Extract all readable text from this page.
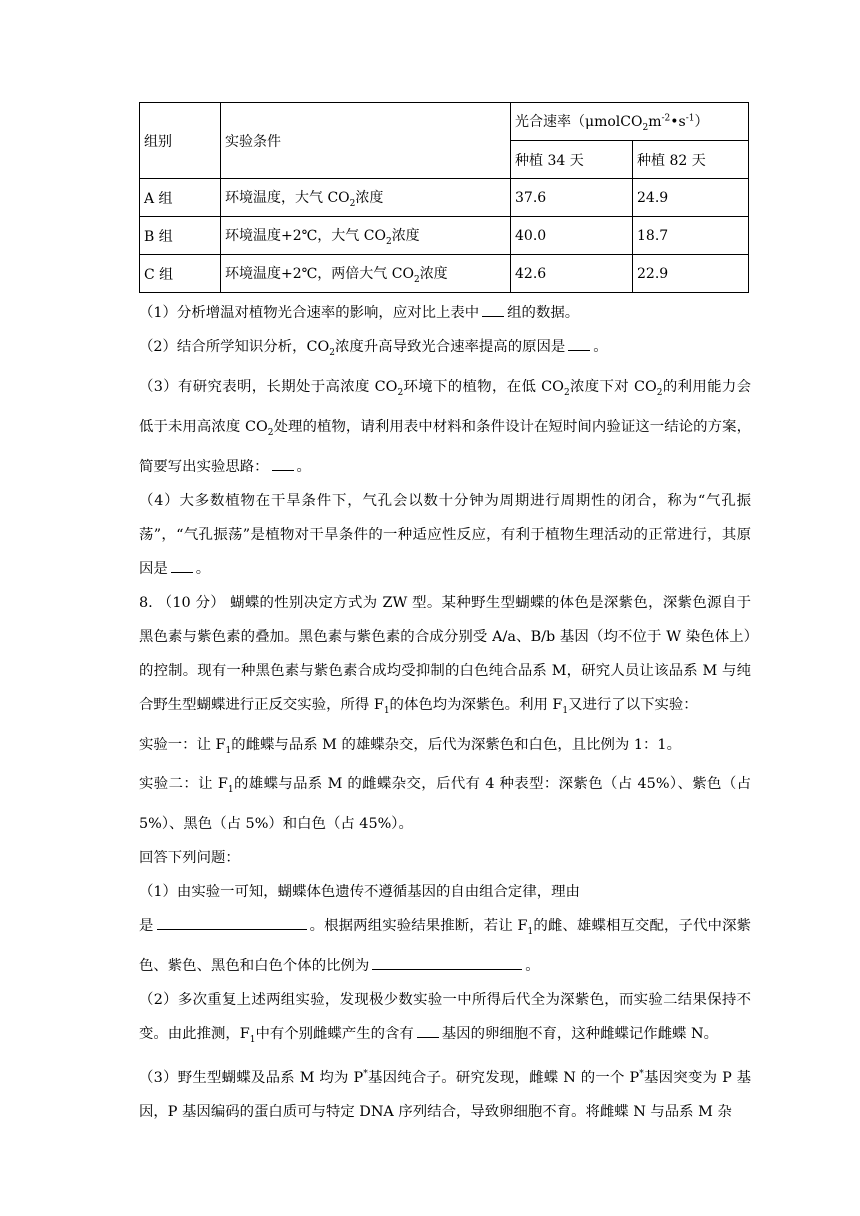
组别	实验条件	光合速率$(\mu molCO_2m^{-2}•s^{-1})$	
		种植 34 天	种植 82 天
A 组	环境温度，大气 $CO_2$浓度	37.6	24.9
B 组	环境温度+2℃，大气 $CO_2$浓度	40.0	18.7
C 组	环境温度+2℃，两倍大气 $CO_2$浓度	42.6	22.9

（1）分析增温对植物光合速率的影响，应对比上表中 组的数据。

（2）结合所学知识分析，$CO_2$浓度升高导致光合速率提高的原因是 。

（3）有研究表明，长期处于高浓度 $CO_2$环境下的植物，在低 $CO_2$浓度下对 $CO_2$的利用能力会低于未用高浓度 $CO_2$处理的植物，请利用表中材料和条件设计在短时间内验证这一结论的方案，简要写出实验思路： 。

（4）大多数植物在干旱条件下，气孔会以数十分钟为周期进行周期性的闭合，称为“气孔振荡”，“气孔振荡”是植物对干旱条件的一种适应性反应，有利于植物生理活动的正常进行，其原因是 。

8. （10 分） 蝴蝶的性别决定方式为 ZW 型。某种野生型蝴蝶的体色是深紫色，深紫色源自于黑色素与紫色素的叠加。黑色素与紫色素的合成分别受 A/a、B/b 基因（均不位于 W 染色体上）的控制。现有一种黑色素与紫色素合成均受抑制的白色纯合品系 M，研究人员让该品系 M 与纯合野生型蝴蝶进行正反交实验，所得 $F_1$的体色均为深紫色。利用 $F_1$又进行了以下实验：

实验一：让 $F_1$的雌蝶与品系 M 的雄蝶杂交，后代为深紫色和白色，且比例为 1：1。

实验二：让 $F_1$的雄蝶与品系 M 的雌蝶杂交，后代有 4 种表型：深紫色（占 45%）、紫色（占 5%）、黑色（占 5%）和白色（占 45%）。

回答下列问题：

（1）由实验一可知，蝴蝶体色遗传不遵循基因的自由组合定律，理由
是	。根据两组实验结果推断，若让 $F_1$的雌、雄蝶相互交配，子代中深紫色、紫色、黑色和白色个体的比例为	。

（2）多次重复上述两组实验，发现极少数实验一中所得后代全为深紫色，而实验二结果保持不变。由此推测，$F_1$中有个别雌蝶产生的含有 基因的卵细胞不育，这种雌蝶记作雌蝶 N。

（3）野生型蝴蝶及品系 M 均为 P*基因纯合子。研究发现，雌蝶 N 的一个 P*基因突变为 P 基因，P 基因编码的蛋白质可与特定 DNA 序列结合，导致卵细胞不育。将雌蝶 N 与品系 M 杂
